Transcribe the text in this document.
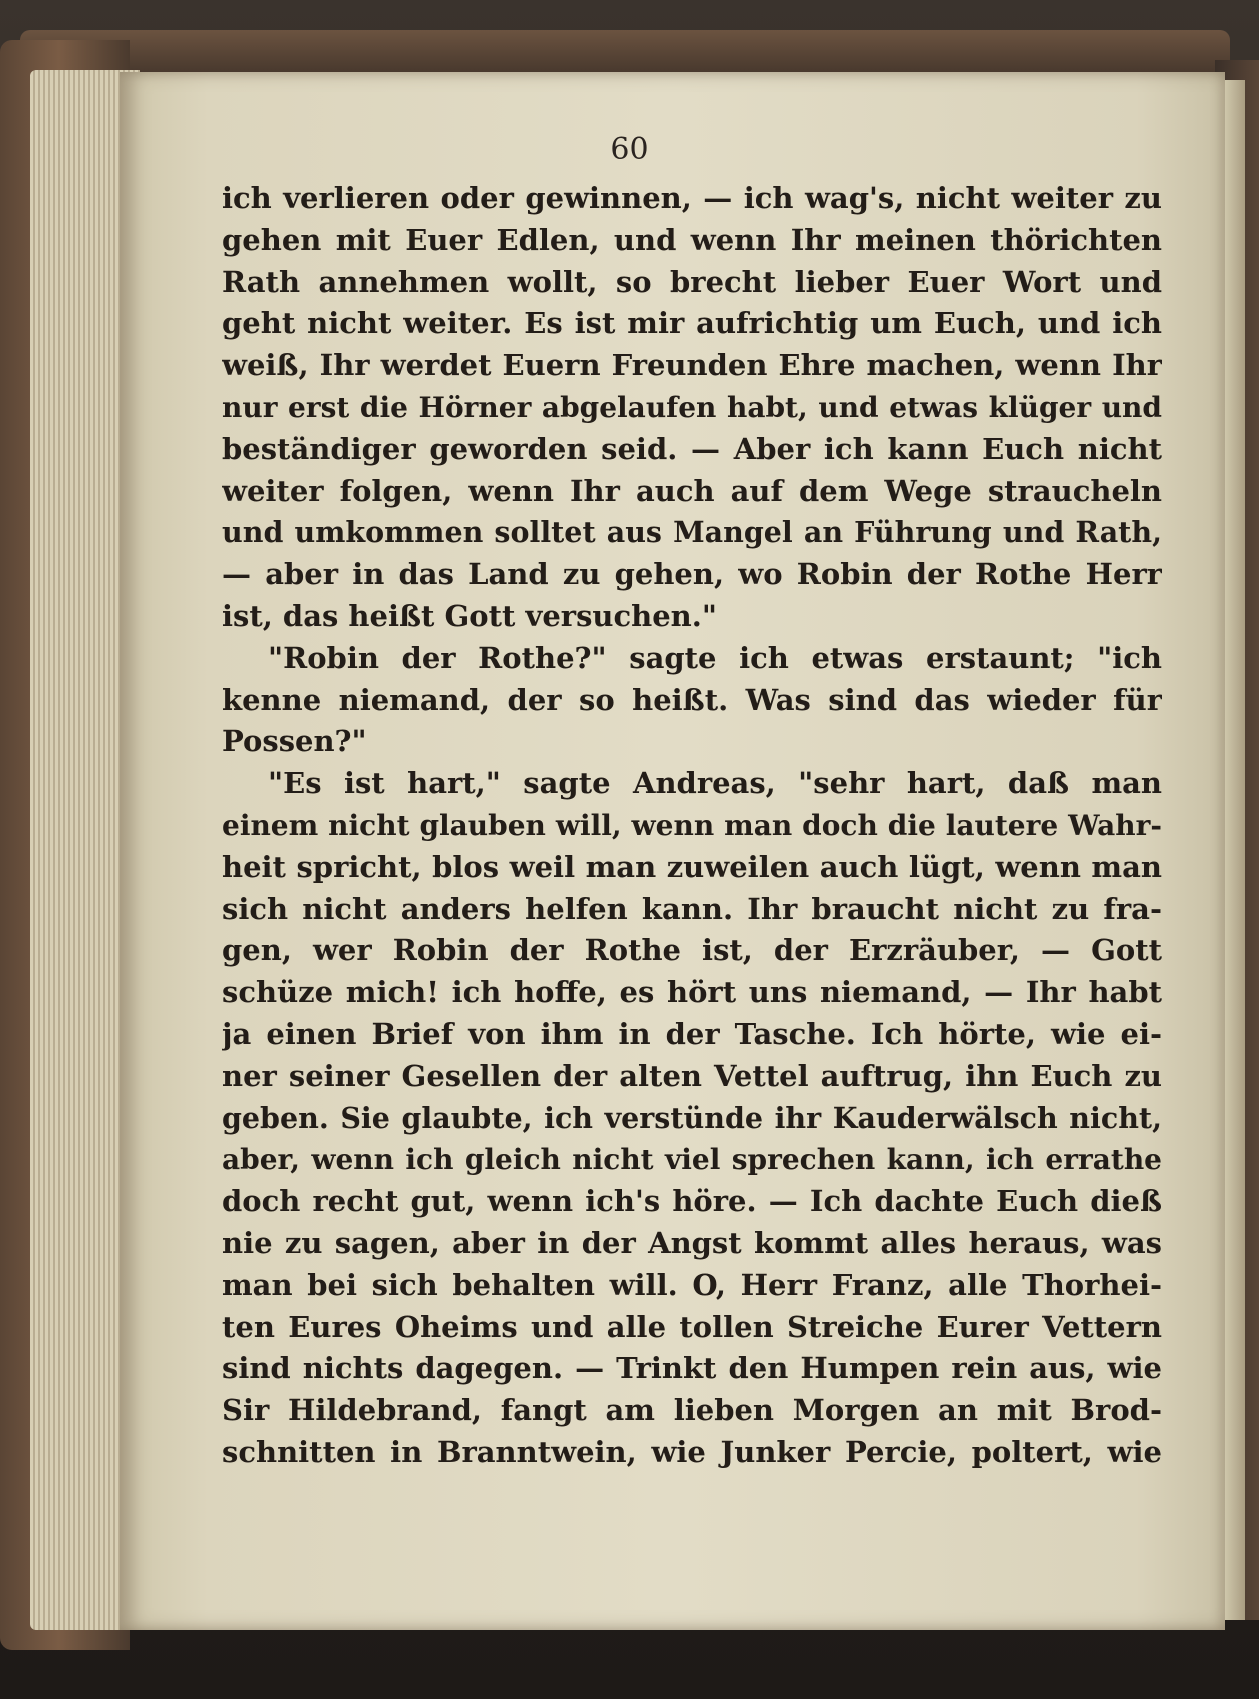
60
ich verlieren oder gewinnen, — ich wag's, nicht weiter zu
gehen mit Euer Edlen, und wenn Ihr meinen thörichten
Rath annehmen wollt, so brecht lieber Euer Wort und
geht nicht weiter. Es ist mir aufrichtig um Euch, und ich
weiß, Ihr werdet Euern Freunden Ehre machen, wenn Ihr
nur erst die Hörner abgelaufen habt, und etwas klüger und
beständiger geworden seid. — Aber ich kann Euch nicht
weiter folgen, wenn Ihr auch auf dem Wege straucheln
und umkommen solltet aus Mangel an Führung und Rath,
— aber in das Land zu gehen, wo Robin der Rothe Herr
ist, das heißt Gott versuchen."
"Robin der Rothe?" sagte ich etwas erstaunt; "ich
kenne niemand, der so heißt. Was sind das wieder für
Possen?"
"Es ist hart," sagte Andreas, "sehr hart, daß man
einem nicht glauben will, wenn man doch die lautere Wahr-
heit spricht, blos weil man zuweilen auch lügt, wenn man
sich nicht anders helfen kann. Ihr braucht nicht zu fra-
gen, wer Robin der Rothe ist, der Erzräuber, — Gott
schüze mich! ich hoffe, es hört uns niemand, — Ihr habt
ja einen Brief von ihm in der Tasche. Ich hörte, wie ei-
ner seiner Gesellen der alten Vettel auftrug, ihn Euch zu
geben. Sie glaubte, ich verstünde ihr Kauderwälsch nicht,
aber, wenn ich gleich nicht viel sprechen kann, ich errathe
doch recht gut, wenn ich's höre. — Ich dachte Euch dieß
nie zu sagen, aber in der Angst kommt alles heraus, was
man bei sich behalten will. O, Herr Franz, alle Thorhei-
ten Eures Oheims und alle tollen Streiche Eurer Vettern
sind nichts dagegen. — Trinkt den Humpen rein aus, wie
Sir Hildebrand, fangt am lieben Morgen an mit Brod-
schnitten in Branntwein, wie Junker Percie, poltert, wie
